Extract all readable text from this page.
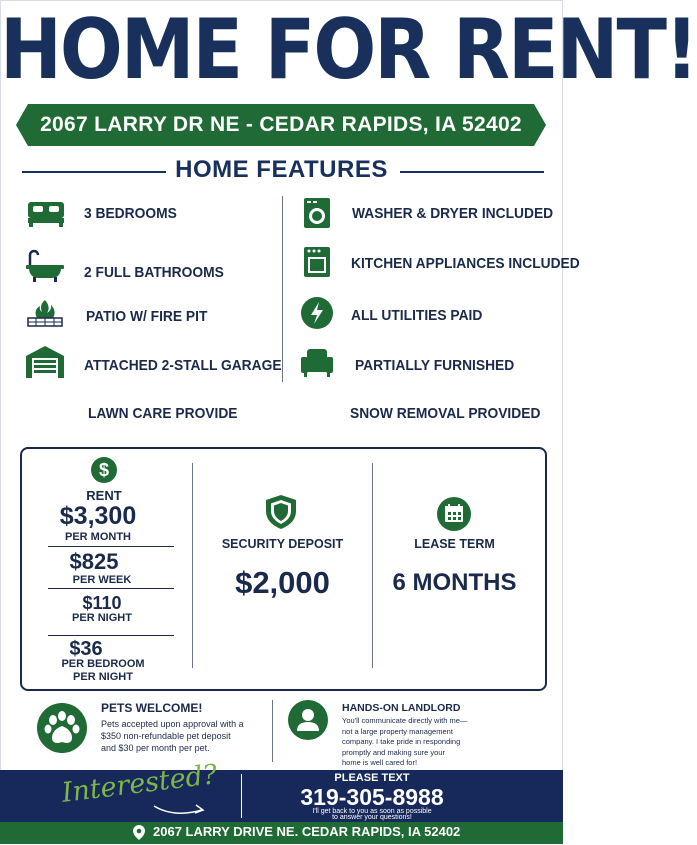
HOME FOR RENT!
2067 LARRY DR NE - CEDAR RAPIDS, IA 52402
HOME FEATURES
3 BEDROOMS
2 FULL BATHROOMS
PATIO W/ FIRE PIT
ATTACHED 2-STALL GARAGE
LAWN CARE PROVIDE
WASHER & DRYER INCLUDED
KITCHEN APPLIANCES INCLUDED
ALL UTILITIES PAID
PARTIALLY FURNISHED
SNOW REMOVAL PROVIDED
$
RENT
$3,300
PER MONTH
$825
PER WEEK
$110
PER NIGHT
$36
PER BEDROOM
PER NIGHT
SECURITY DEPOSIT
$2,000
LEASE TERM
6 MONTHS
PETS WELCOME!
Pets accepted upon approval with a
$350 non-refundable pet deposit
and $30 per month per pet.
HANDS-ON LANDLORD
You'll communicate directly with me—
not a large property management
company. I take pride in responding
promptly and making sure your
home is well cared for!
Interested?	PLEASE TEXT
319-305-8988
I'll get back to you as soon as possible
to answer your questions!
2067 LARRY DRIVE NE. CEDAR RAPIDS, IA 52402
